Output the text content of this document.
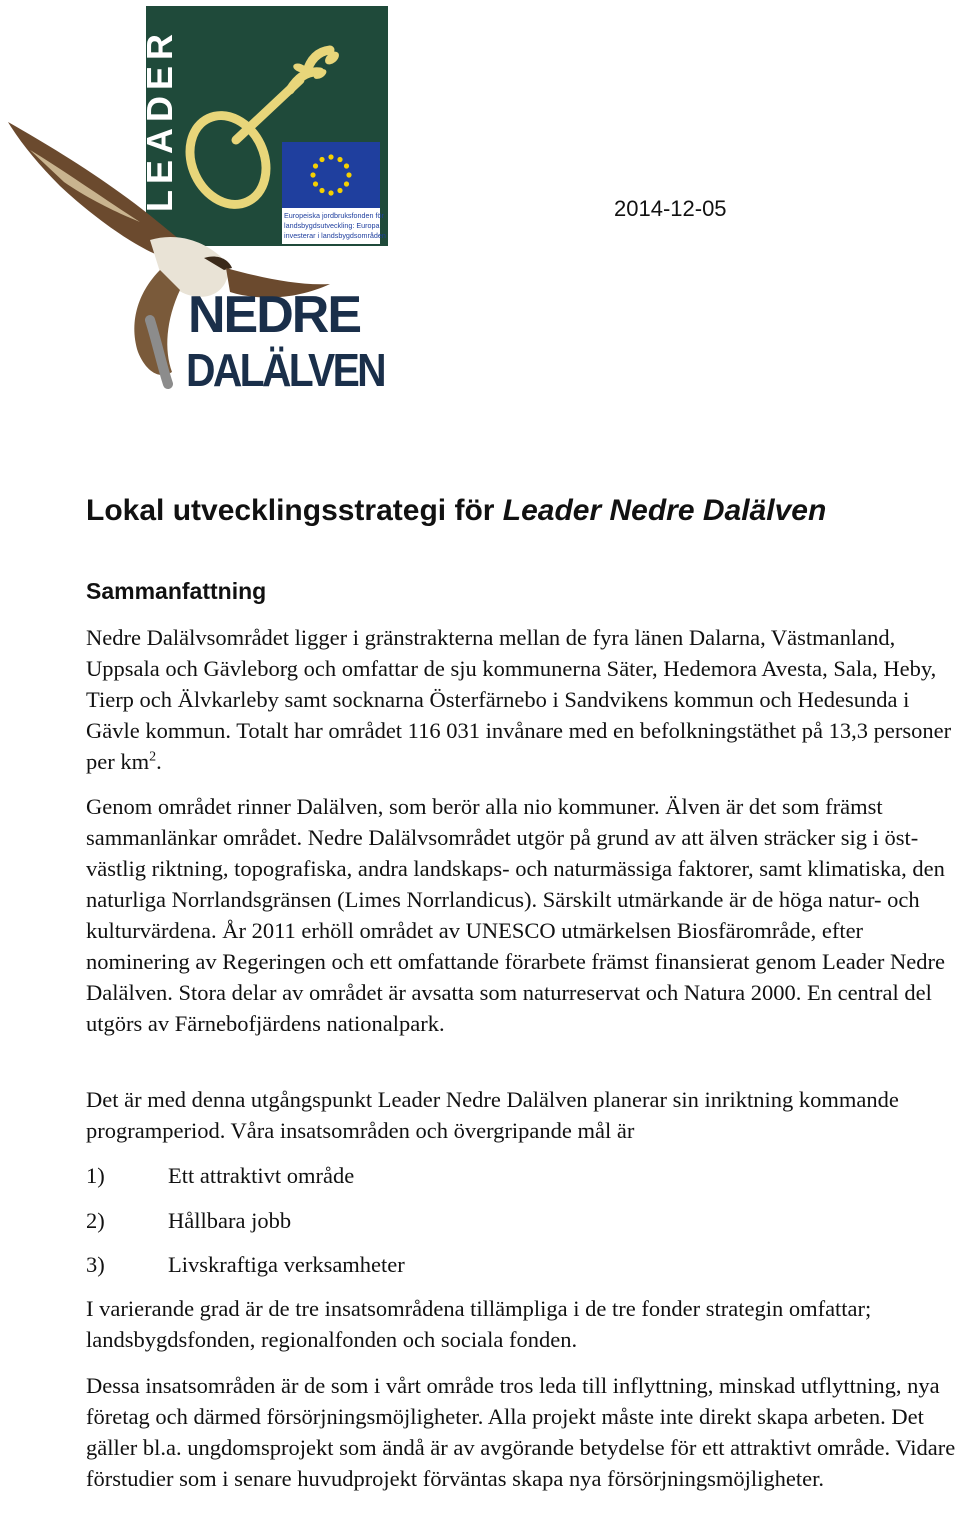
LEADER
Europeiska jordbruksfonden för
landsbygdsutveckling: Europa
investerar i landsbygdsområden
NEDRE
DALÄLVEN
2014-12-05
Lokal utvecklingsstrategi för Leader Nedre Dalälven
Sammanfattning

Nedre Dalälvsområdet ligger i gränstrakterna mellan de fyra länen Dalarna, Västmanland, Uppsala och Gävleborg och omfattar de sju kommunerna Säter, Hedemora Avesta, Sala, Heby, Tierp och Älvkarleby samt socknarna Österfärnebo i Sandvikens kommun och Hedesunda i Gävle kommun. Totalt har området 116 031 invånare med en befolkningstäthet på 13,3 personer per $km^2$.

Genom området rinner Dalälven, som berör alla nio kommuner. Älven är det som främst sammanlänkar området. Nedre Dalälvsområdet utgör på grund av att älven sträcker sig i öst-västlig riktning, topografiska, andra landskaps- och naturmässiga faktorer, samt klimatiska, den naturliga Norrlandsgränsen (Limes Norrlandicus). Särskilt utmärkande är de höga natur- och kulturvärdena. År 2011 erhöll området av UNESCO utmärkelsen Biosfärområde, efter nominering av Regeringen och ett omfattande förarbete främst finansierat genom Leader Nedre Dalälven. Stora delar av området är avsatta som naturreservat och Natura 2000. En central del utgörs av Färnebofjärdens nationalpark.

Det är med denna utgångspunkt Leader Nedre Dalälven planerar sin inriktning kommande programperiod. Våra insatsområden och övergripande mål är

1)	Ett attraktivt område
2)	Hållbara jobb
3)	Livskraftiga verksamheter

I varierande grad är de tre insatsområdena tillämpliga i de tre fonder strategin omfattar; landsbygdsfonden, regionalfonden och sociala fonden.

Dessa insatsområden är de som i vårt område tros leda till inflyttning, minskad utflyttning, nya företag och därmed försörjningsmöjligheter. Alla projekt måste inte direkt skapa arbeten. Det gäller bl.a. ungdomsprojekt som ändå är av avgörande betydelse för ett attraktivt område. Vidare förstudier som i senare huvudprojekt förväntas skapa nya försörjningsmöjligheter.
